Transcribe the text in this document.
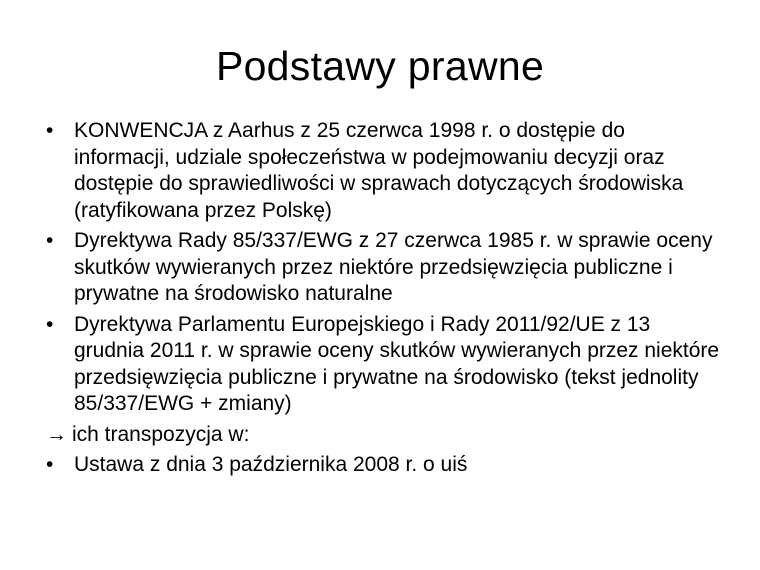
Podstawy prawne
• KONWENCJA z Aarhus z 25 czerwca 1998 r. o dostępie do informacji, udziale społeczeństwa w podejmowaniu decyzji oraz dostępie do sprawiedliwości w sprawach dotyczących środowiska (ratyfikowana przez Polskę)
• Dyrektywa Rady 85/337/EWG z 27 czerwca 1985 r. w sprawie oceny skutków wywieranych przez niektóre przedsięwzięcia publiczne i prywatne na środowisko naturalne
• Dyrektywa Parlamentu Europejskiego i Rady 2011/92/UE z 13 grudnia 2011 r. w sprawie oceny skutków wywieranych przez niektóre przedsięwzięcia publiczne i prywatne na środowisko (tekst jednolity 85/337/EWG + zmiany)
→ ich transpozycja w:
• Ustawa z dnia 3 października 2008 r. o uiś
